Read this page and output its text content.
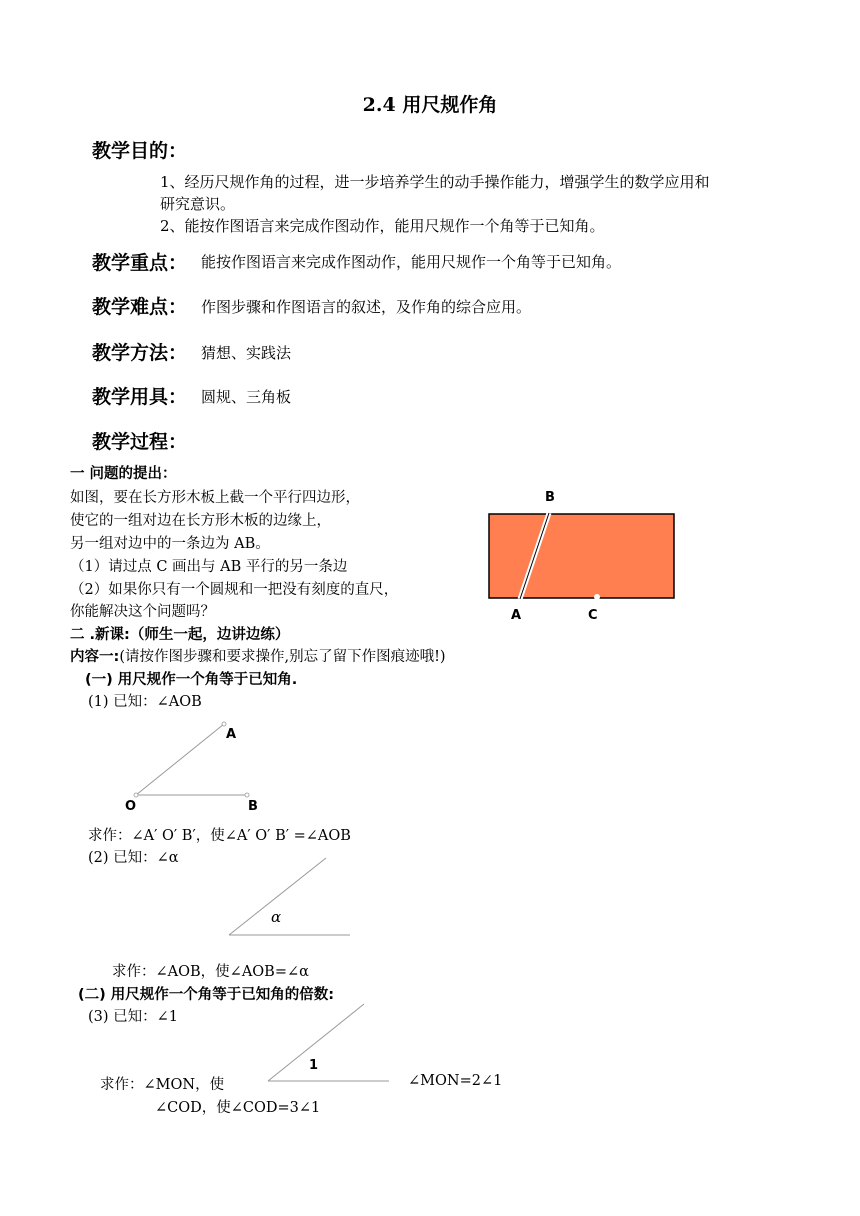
2.4 用尺规作角
教学目的：
1、经历尺规作角的过程，进一步培养学生的动手操作能力，增强学生的数学应用和
研究意识。
2、能按作图语言来完成作图动作，能用尺规作一个角等于已知角。
教学重点： 能按作图语言来完成作图动作，能用尺规作一个角等于已知角。
教学难点： 作图步骤和作图语言的叙述，及作角的综合应用。
教学方法： 猜想、实践法
教学用具： 圆规、三角板
教学过程：
一 问题的提出：
如图，要在长方形木板上截一个平行四边形，
使它的一组对边在长方形木板的边缘上，
另一组对边中的一条边为 AB。
（1）请过点 C 画出与 AB 平行的另一条边
（2）如果你只有一个圆规和一把没有刻度的直尺，
你能解决这个问题吗？
二 .新课:（师生一起，边讲边练）
内容一:(请按作图步骤和要求操作,别忘了留下作图痕迹哦!)
(一) 用尺规作一个角等于已知角.
(1) 已知：∠AOB
求作：∠A′ O′ B′，使∠A′ O′ B′ =∠AOB
(2) 已知：∠α
求作：∠AOB，使∠AOB=∠α
(二) 用尺规作一个角等于已知角的倍数:
(3) 已知：∠1
求作：∠MON，使	∠MON=2∠1
∠COD，使∠COD=3∠1
B
A	C
A
O	B
α
1
